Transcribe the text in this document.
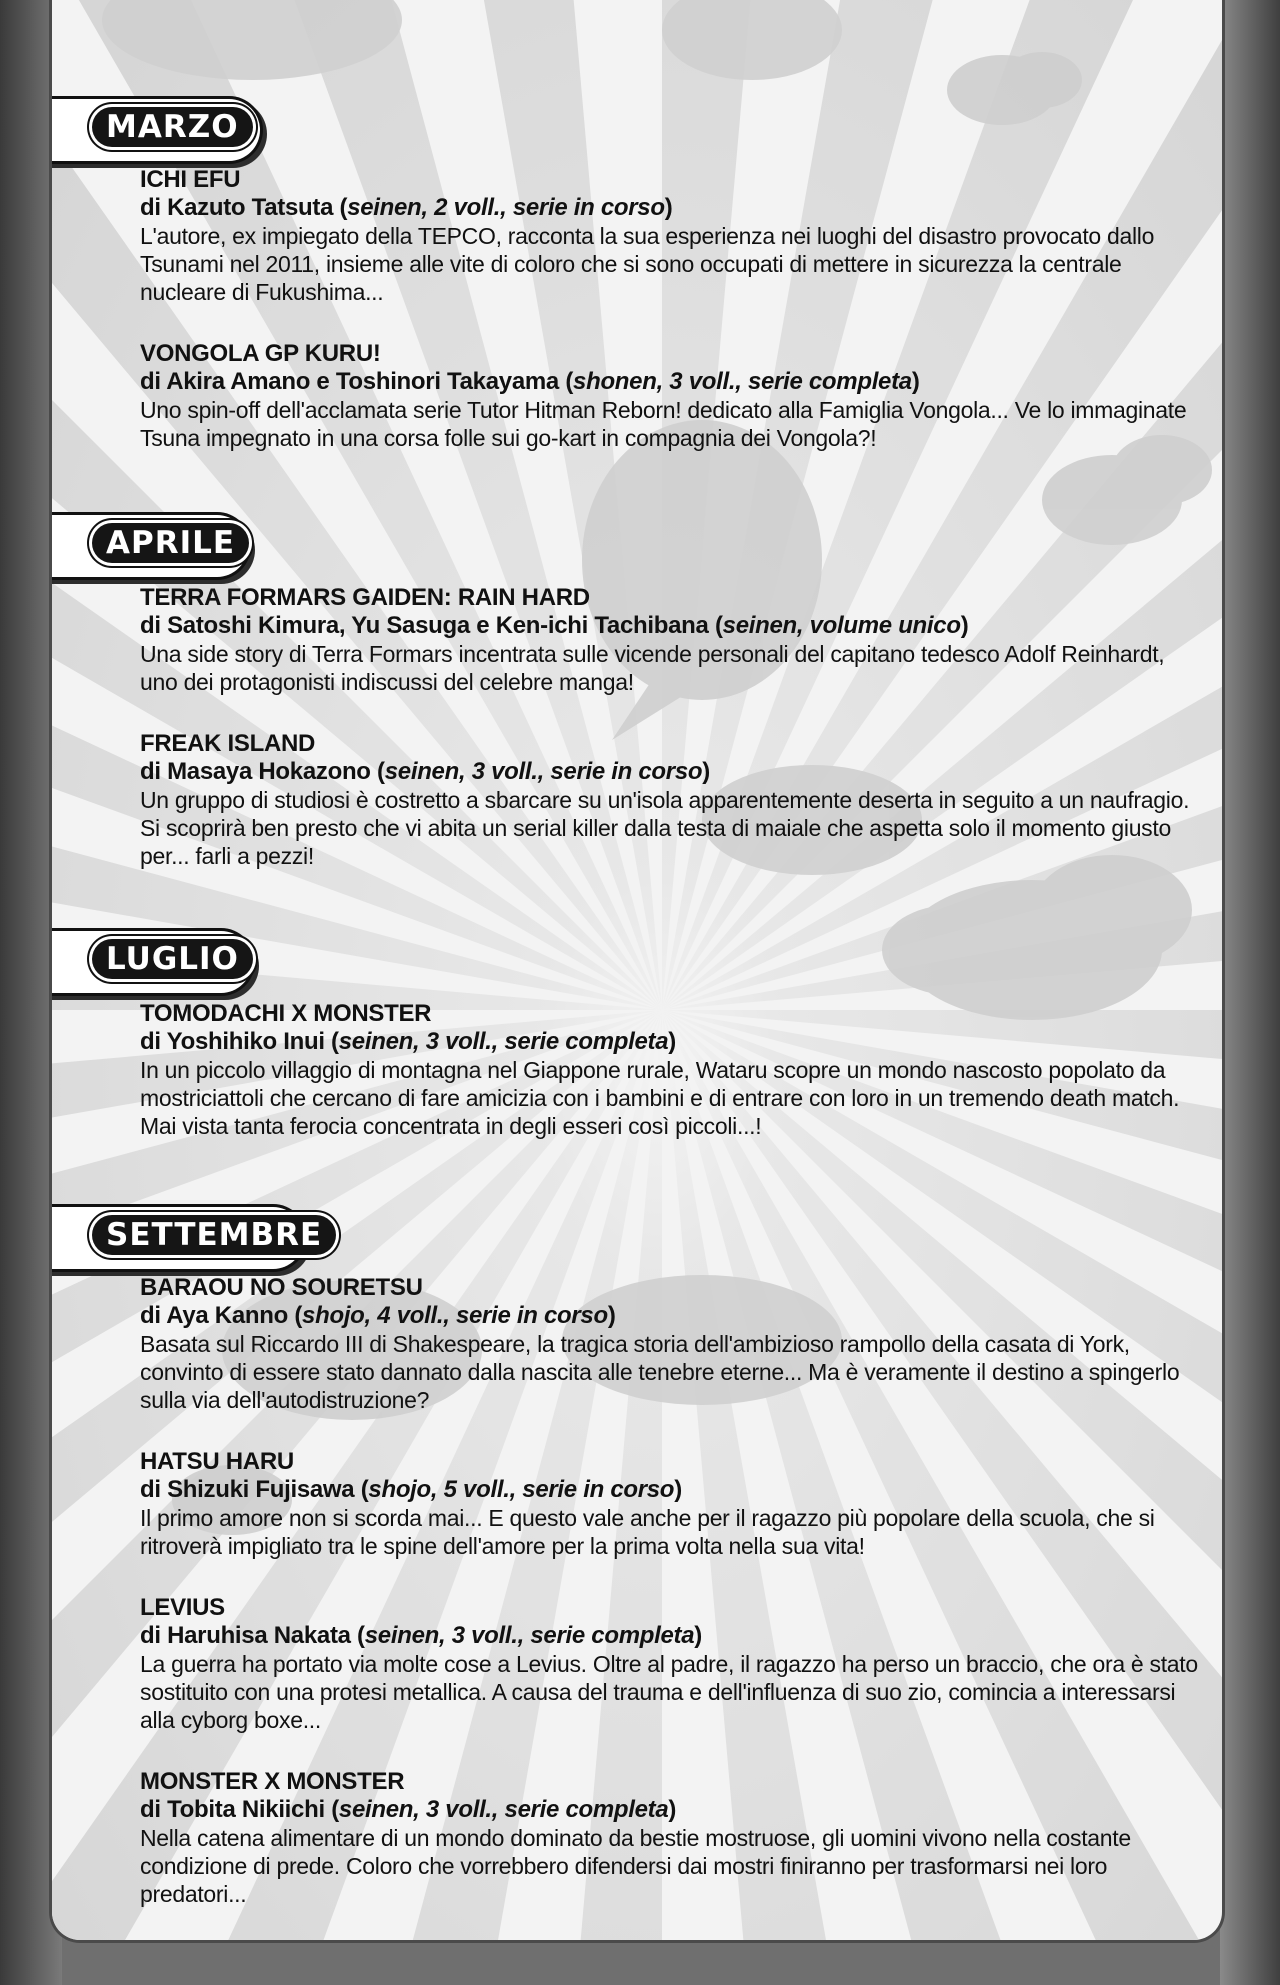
MARZO

ICHI EFU

di Kazuto Tatsuta (seinen, 2 voll., serie in corso)

L'autore, ex impiegato della TEPCO, racconta la sua esperienza nei luoghi del disastro provocato dallo Tsunami nel 2011, insieme alle vite di coloro che si sono occupati di mettere in sicurezza la centrale nucleare di Fukushima...

VONGOLA GP KURU!

di Akira Amano e Toshinori Takayama (shonen, 3 voll., serie completa)

Uno spin-off dell'acclamata serie Tutor Hitman Reborn! dedicato alla Famiglia Vongola... Ve lo immaginate Tsuna impegnato in una corsa folle sui go-kart in compagnia dei Vongola?!

APRILE

TERRA FORMARS GAIDEN: RAIN HARD

di Satoshi Kimura, Yu Sasuga e Ken-ichi Tachibana (seinen, volume unico)

Una side story di Terra Formars incentrata sulle vicende personali del capitano tedesco Adolf Reinhardt, uno dei protagonisti indiscussi del celebre manga!

FREAK ISLAND

di Masaya Hokazono (seinen, 3 voll., serie in corso)

Un gruppo di studiosi è costretto a sbarcare su un'isola apparentemente deserta in seguito a un naufragio. Si scoprirà ben presto che vi abita un serial killer dalla testa di maiale che aspetta solo il momento giusto per... farli a pezzi!

LUGLIO

TOMODACHI X MONSTER

di Yoshihiko Inui (seinen, 3 voll., serie completa)

In un piccolo villaggio di montagna nel Giappone rurale, Wataru scopre un mondo nascosto popolato da mostriciattoli che cercano di fare amicizia con i bambini e di entrare con loro in un tremendo death match. Mai vista tanta ferocia concentrata in degli esseri così piccoli...!

SETTEMBRE

BARAOU NO SOURETSU

di Aya Kanno (shojo, 4 voll., serie in corso)

Basata sul Riccardo III di Shakespeare, la tragica storia dell'ambizioso rampollo della casata di York, convinto di essere stato dannato dalla nascita alle tenebre eterne... Ma è veramente il destino a spingerlo sulla via dell'autodistruzione?

HATSU HARU

di Shizuki Fujisawa (shojo, 5 voll., serie in corso)

Il primo amore non si scorda mai... E questo vale anche per il ragazzo più popolare della scuola, che si ritroverà impigliato tra le spine dell'amore per la prima volta nella sua vita!

LEVIUS

di Haruhisa Nakata (seinen, 3 voll., serie completa)

La guerra ha portato via molte cose a Levius. Oltre al padre, il ragazzo ha perso un braccio, che ora è stato sostituito con una protesi metallica. A causa del trauma e dell'influenza di suo zio, comincia a interessarsi alla cyborg boxe...

MONSTER X MONSTER

di Tobita Nikiichi (seinen, 3 voll., serie completa)

Nella catena alimentare di un mondo dominato da bestie mostruose, gli uomini vivono nella costante condizione di prede. Coloro che vorrebbero difendersi dai mostri finiranno per trasformarsi nei loro predatori...
